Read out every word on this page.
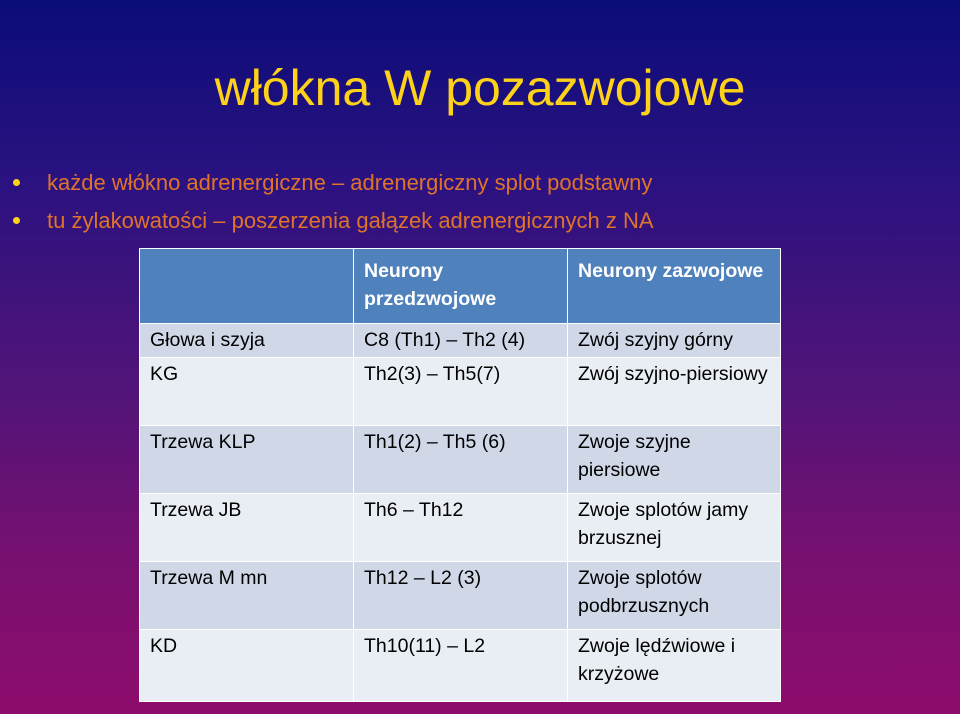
włókna W pozazwojowe
każde włókno adrenergiczne – adrenergiczny splot podstawny
tu żylakowatości – poszerzenia gałązek adrenergicznych z NA
	Neurony przedzwojowe	Neurony zazwojowe
Głowa i szyja	C8 (Th1) – Th2 (4)	Zwój szyjny górny
KG	Th2(3) – Th5(7)	Zwój szyjno-piersiowy
Trzewa KLP	Th1(2) – Th5 (6)	Zwoje szyjne piersiowe
Trzewa JB	Th6 – Th12	Zwoje splotów jamy brzusznej
Trzewa M mn	Th12 – L2 (3)	Zwoje splotów podbrzusznych
KD	Th10(11) – L2	Zwoje lędźwiowe i krzyżowe
